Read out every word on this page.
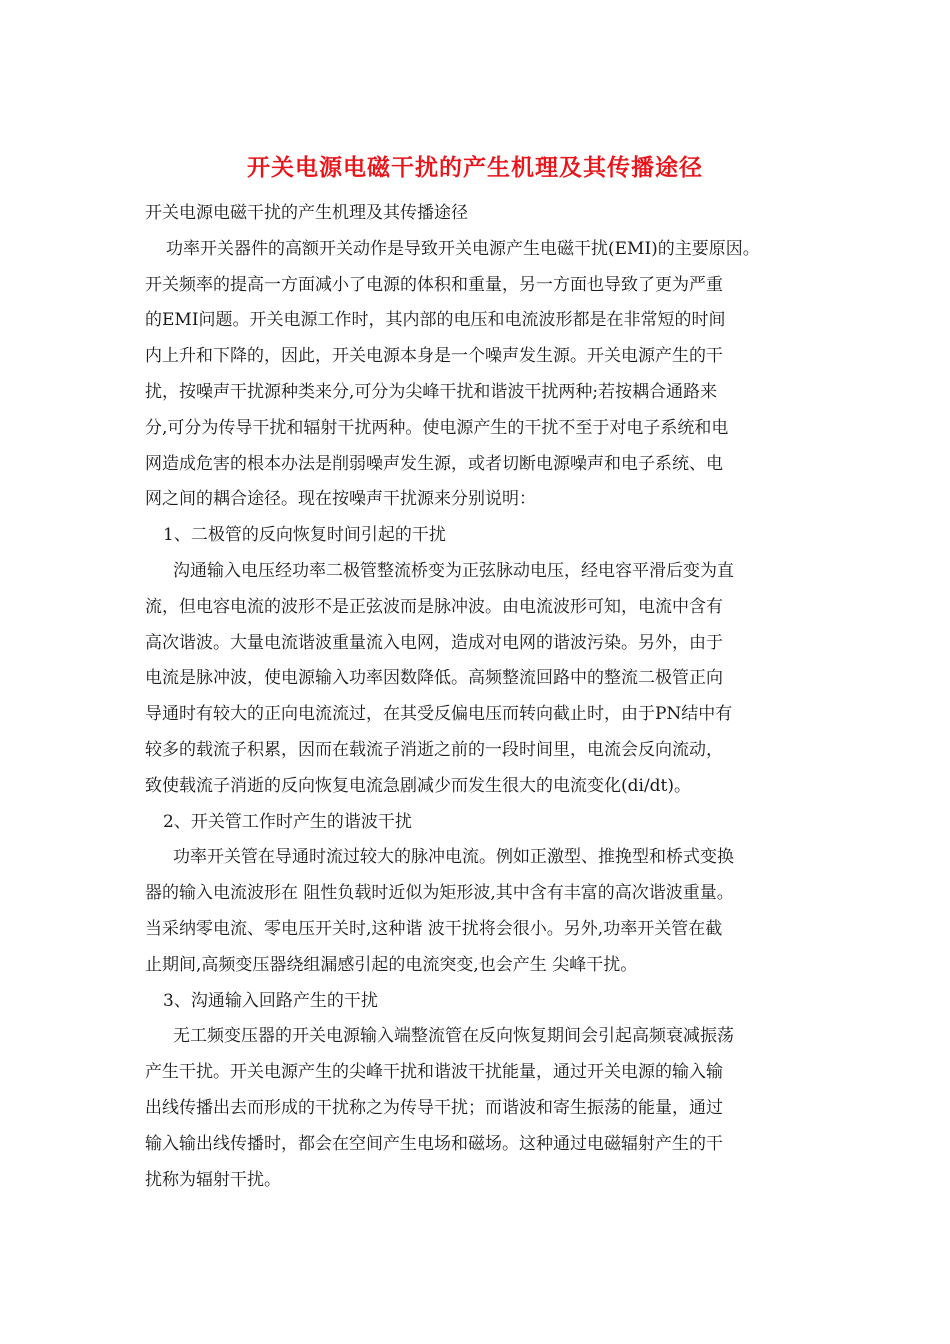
开关电源电磁干扰的产生机理及其传播途径
开关电源电磁干扰的产生机理及其传播途径
功率开关器件的高额开关动作是导致开关电源产生电磁干扰(EMI)的主要原因。
开关频率的提高一方面减小了电源的体积和重量，另一方面也导致了更为严重
的EMI问题。开关电源工作时，其内部的电压和电流波形都是在非常短的时间
内上升和下降的，因此，开关电源本身是一个噪声发生源。开关电源产生的干
扰，按噪声干扰源种类来分,可分为尖峰干扰和谐波干扰两种;若按耦合通路来
分,可分为传导干扰和辐射干扰两种。使电源产生的干扰不至于对电子系统和电
网造成危害的根本办法是削弱噪声发生源，或者切断电源噪声和电子系统、电
网之间的耦合途径。现在按噪声干扰源来分别说明：
1、二极管的反向恢复时间引起的干扰
沟通输入电压经功率二极管整流桥变为正弦脉动电压，经电容平滑后变为直
流，但电容电流的波形不是正弦波而是脉冲波。由电流波形可知，电流中含有
高次谐波。大量电流谐波重量流入电网，造成对电网的谐波污染。另外，由于
电流是脉冲波，使电源输入功率因数降低。高频整流回路中的整流二极管正向
导通时有较大的正向电流流过，在其受反偏电压而转向截止时，由于PN结中有
较多的载流子积累，因而在载流子消逝之前的一段时间里，电流会反向流动，
致使载流子消逝的反向恢复电流急剧减少而发生很大的电流变化(di/dt)。
2、开关管工作时产生的谐波干扰
功率开关管在导通时流过较大的脉冲电流。例如正激型、推挽型和桥式变换
器的输入电流波形在 阻性负载时近似为矩形波,其中含有丰富的高次谐波重量。
当采纳零电流、零电压开关时,这种谐 波干扰将会很小。另外,功率开关管在截
止期间,高频变压器绕组漏感引起的电流突变,也会产生 尖峰干扰。
3、沟通输入回路产生的干扰
无工频变压器的开关电源输入端整流管在反向恢复期间会引起高频衰减振荡
产生干扰。开关电源产生的尖峰干扰和谐波干扰能量，通过开关电源的输入输
出线传播出去而形成的干扰称之为传导干扰；而谐波和寄生振荡的能量，通过
输入输出线传播时，都会在空间产生电场和磁场。这种通过电磁辐射产生的干
扰称为辐射干扰。
